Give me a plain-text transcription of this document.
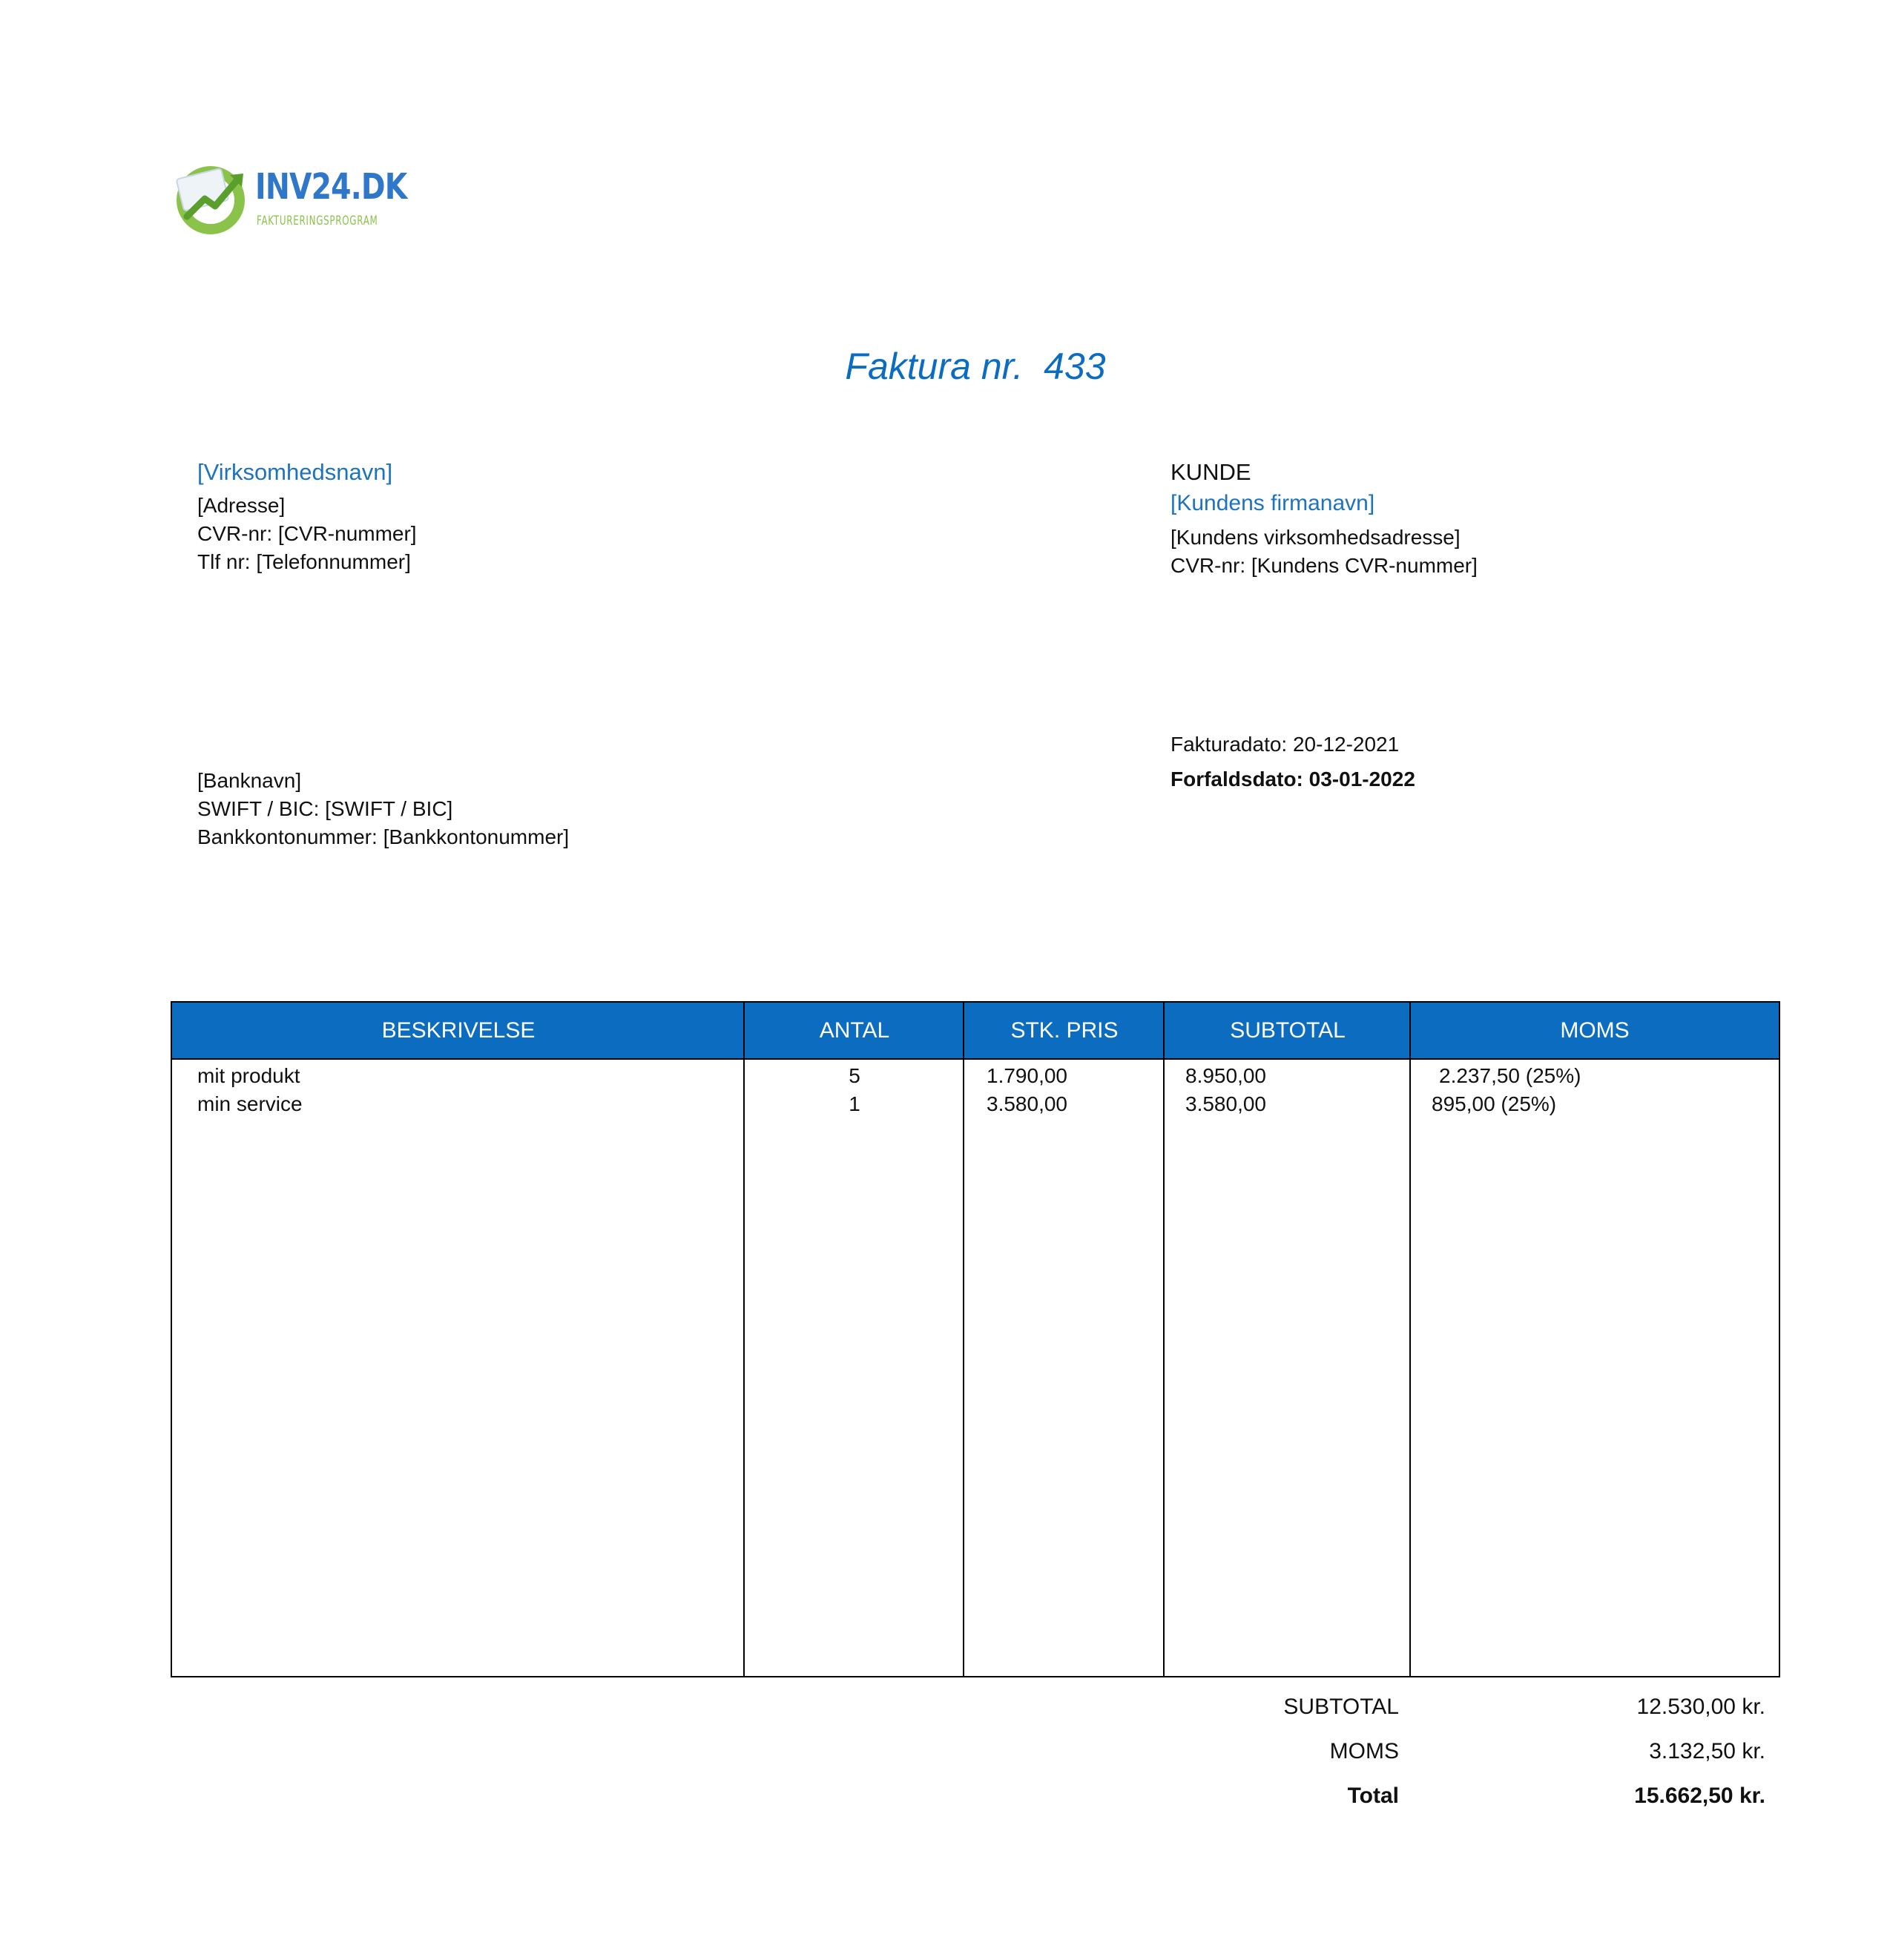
INV24.DK
FAKTURERINGSPROGRAM
Faktura nr. 433
[Virksomhedsnavn]
[Adresse]
CVR-nr: [CVR-nummer]
Tlf nr: [Telefonnummer]
KUNDE
[Kundens firmanavn]
[Kundens virksomhedsadresse]
CVR-nr: [Kundens CVR-nummer]
Fakturadato: 20-12-2021
Forfaldsdato: 03-01-2022
[Banknavn]
SWIFT / BIC: [SWIFT / BIC]
Bankkontonummer: [Bankkontonummer]
BESKRIVELSE	ANTAL	STK. PRIS	SUBTOTAL	MOMS
mit produkt	5	1.790,00	8.950,00	2.237,50 (25%)
min service	1	3.580,00	3.580,00	895,00 (25%)
SUBTOTAL	12.530,00 kr.
MOMS	3.132,50 kr.
Total	15.662,50 kr.
